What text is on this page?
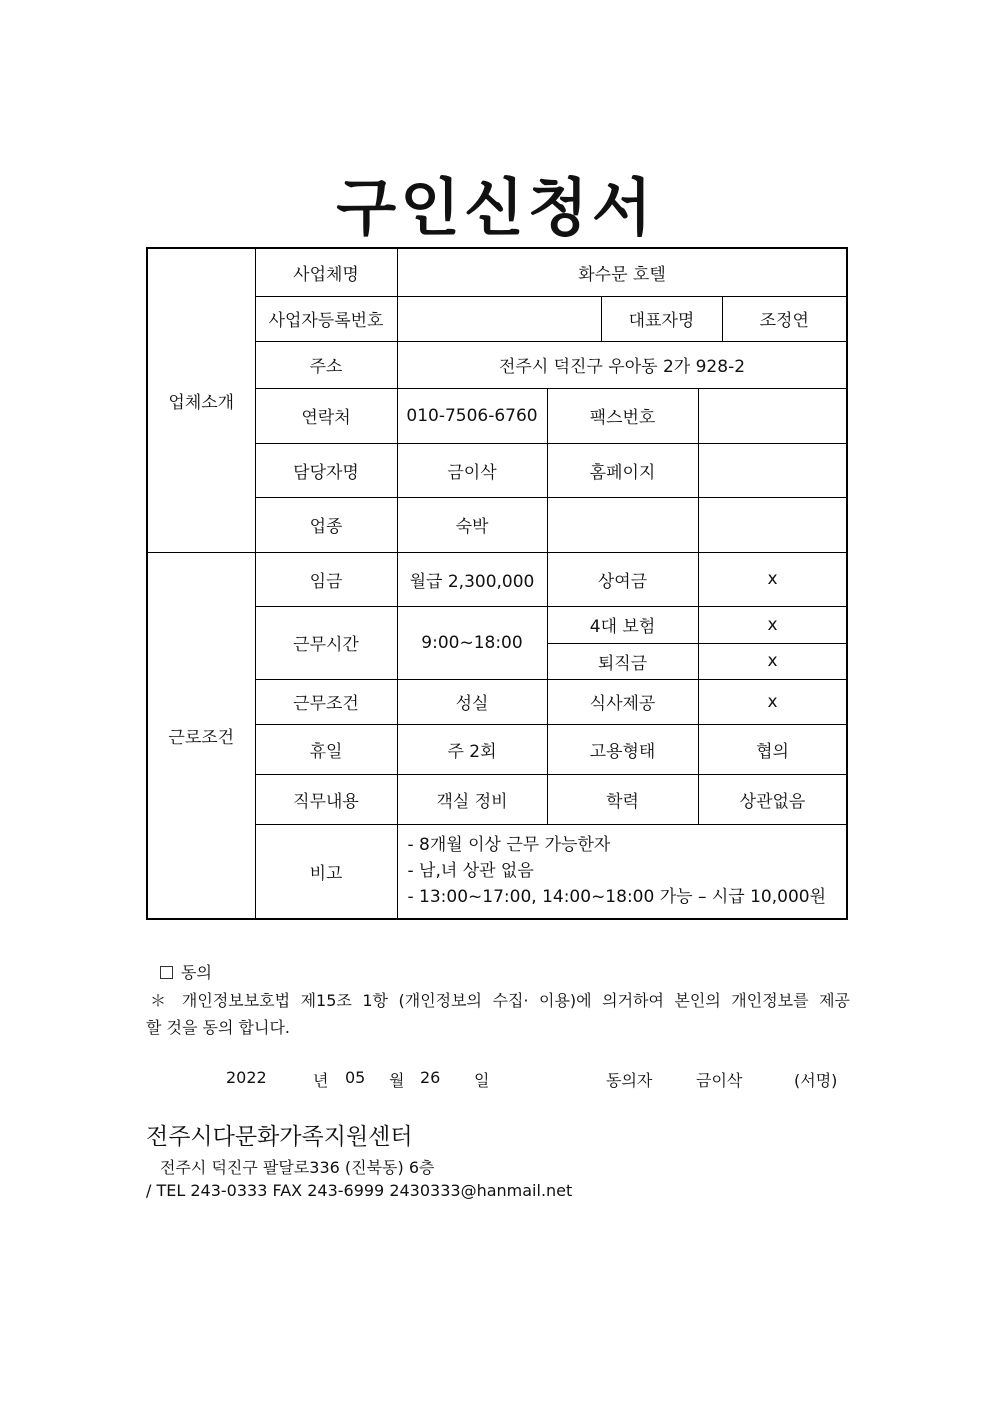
구인신청서
업체소개	사업체명	화수문 호텔				
	사업자등록번호			대표자명		조정연
	주소	전주시 덕진구 우아동 2가 928-2				
	연락처	010-7506-6760	팩스번호			
	담당자명	금이삭	홈페이지			
	업종	숙박				
근로조건	임금	월급 2,300,000	상여금		x	
	근무시간	9:00~18:00	4대 보험		x	
			퇴직금		x	
	근무조건	성실	식사제공		x	
	휴일	주 2회	고용형태		협의	
	직무내용	객실 정비	학력		상관없음	
	비고	- 8개월 이상 근무 가능한자
- 남,녀 상관 없음
- 13:00~17:00, 14:00~18:00 가능 – 시급 10,000원				
동의
＊ 개인정보보호법 제15조 1항 (개인정보의 수집· 이용)에 의거하여 본인의 개인정보를 제공
할 것을 동의 합니다.
2022	년 05 월 26 일	동의자	금이삭	(서명)
전주시다문화가족지원센터
전주시 덕진구 팔달로336 (진북동) 6층
/ TEL 243-0333 FAX 243-6999 2430333@hanmail.net
